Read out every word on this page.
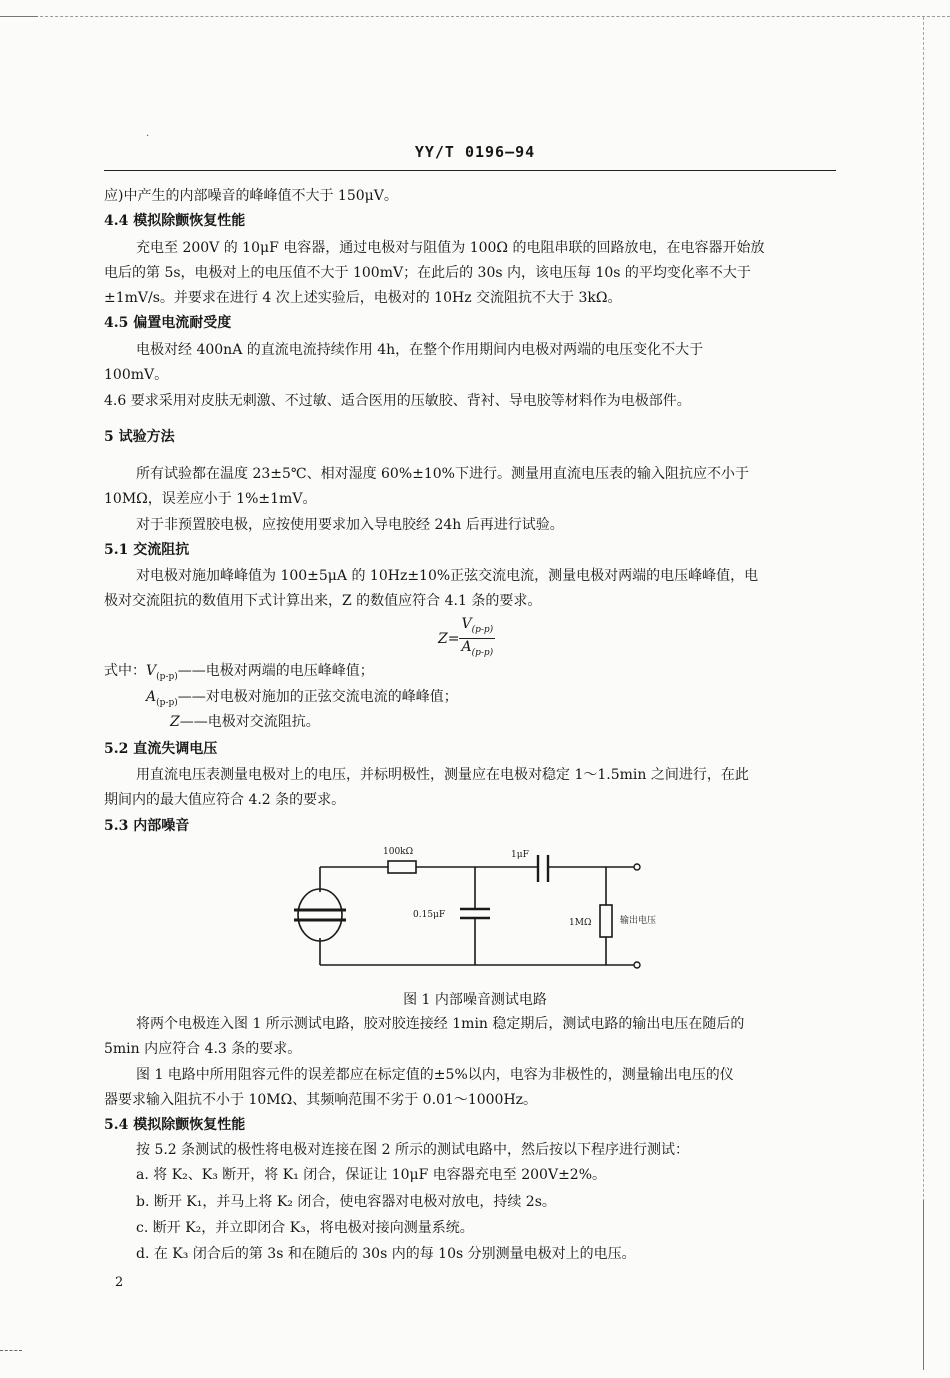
·
YY/T 0196—94
应)中产生的内部噪音的峰峰值不大于 150μV。
4.4 模拟除颤恢复性能
充电至 200V 的 10μF 电容器，通过电极对与阻值为 100Ω 的电阻串联的回路放电，在电容器开始放
电后的第 5s，电极对上的电压值不大于 100mV；在此后的 30s 内，该电压每 10s 的平均变化率不大于
±1mV/s。并要求在进行 4 次上述实验后，电极对的 10Hz 交流阻抗不大于 3kΩ。
4.5 偏置电流耐受度
电极对经 400nA 的直流电流持续作用 4h，在整个作用期间内电极对两端的电压变化不大于
100mV。
4.6 要求采用对皮肤无刺激、不过敏、适合医用的压敏胶、背衬、导电胶等材料作为电极部件。
5 试验方法
所有试验都在温度 23±5℃、相对湿度 60%±10%下进行。测量用直流电压表的输入阻抗应不小于
10MΩ，误差应小于 1%±1mV。
对于非预置胶电极，应按使用要求加入导电胶经 24h 后再进行试验。
5.1 交流阻抗
对电极对施加峰峰值为 100±5μA 的 10Hz±10%正弦交流电流，测量电极对两端的电压峰峰值，电
极对交流阻抗的数值用下式计算出来，Z 的数值应符合 4.1 条的要求。
$Z= \frac{V_{(p-p)}}{A_{(p-p)}}$
式中：$V_{(p-p)}——$电极对两端的电压峰峰值；
$A_{(p-p)}——$对电极对施加的正弦交流电流的峰峰值；
Z——电极对交流阻抗。
5.2 直流失调电压
用直流电压表测量电极对上的电压，并标明极性，测量应在电极对稳定 1～1.5min 之间进行，在此
期间内的最大值应符合 4.2 条的要求。
5.3 内部噪音
100kΩ	1μF
0.15μF
1MΩ	输出电压
图 1 内部噪音测试电路
将两个电极连入图 1 所示测试电路，胶对胶连接经 1min 稳定期后，测试电路的输出电压在随后的
5min 内应符合 4.3 条的要求。
图 1 电路中所用阻容元件的误差都应在标定值的±5%以内，电容为非极性的，测量输出电压的仪
器要求输入阻抗不小于 10MΩ、其频响范围不劣于 0.01～1000Hz。
5.4 模拟除颤恢复性能
按 5.2 条测试的极性将电极对连接在图 2 所示的测试电路中，然后按以下程序进行测试：
a. 将 K₂、K₃ 断开，将 K₁ 闭合，保证让 10μF 电容器充电至 200V±2%。
b. 断开 K₁，并马上将 K₂ 闭合，使电容器对电极对放电，持续 2s。
c. 断开 K₂，并立即闭合 K₃，将电极对接向测量系统。
d. 在 K₃ 闭合后的第 3s 和在随后的 30s 内的每 10s 分别测量电极对上的电压。
2
